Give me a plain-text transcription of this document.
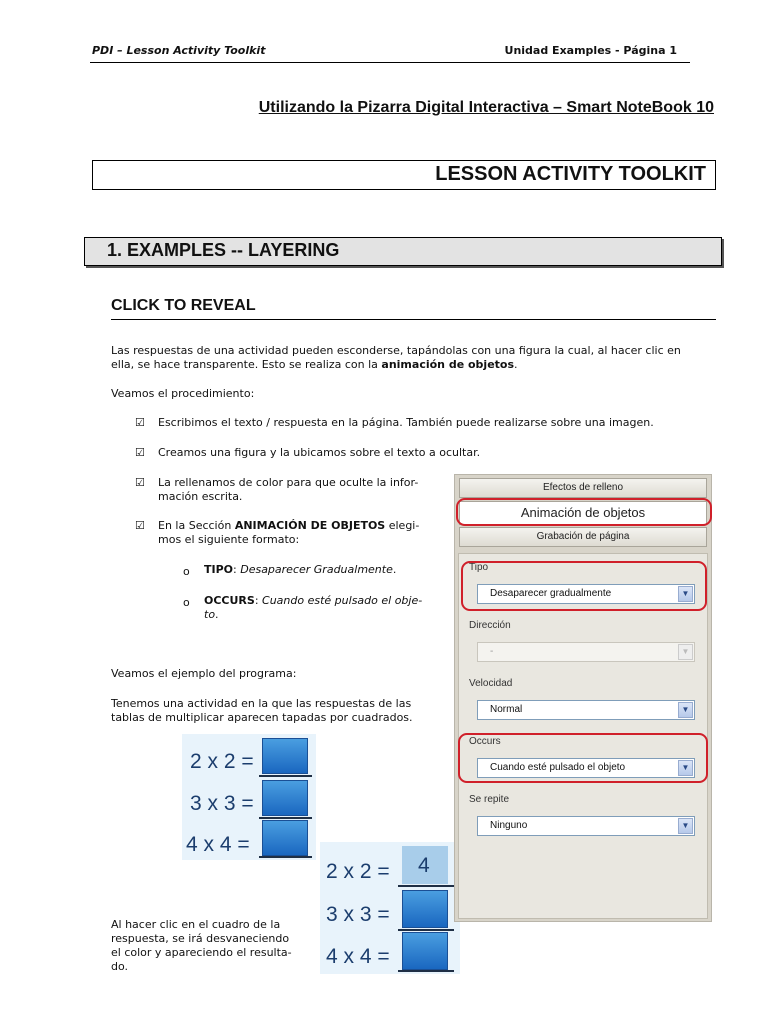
PDI – Lesson Activity Toolkit	Unidad Examples - Página 1
Utilizando la Pizarra Digital Interactiva – Smart NoteBook 10
LESSON ACTIVITY TOOLKIT
1. EXAMPLES -- LAYERING
CLICK TO REVEAL
Las respuestas de una actividad pueden esconderse, tapándolas con una figura la cual, al hacer clic en
ella, se hace transparente. Esto se realiza con la animación de objetos.
Veamos el procedimiento:
☑ Escribimos el texto / respuesta en la página. También puede realizarse sobre una imagen.
☑ Creamos una figura y la ubicamos sobre el texto a ocultar.
☑ La rellenamos de color para que oculte la infor-
mación escrita.
☑ En la Sección ANIMACIÓN DE OBJETOS elegi-
mos el siguiente formato:
o TIPO: Desaparecer Gradualmente.
o OCCURS: Cuando esté pulsado el obje-
to.
Veamos el ejemplo del programa:
Tenemos una actividad en la que las respuestas de las
tablas de multiplicar aparecen tapadas por cuadrados.
2 x 2 =
3 x 3 =
4 x 4 =
2 x 2 = 4
3 x 3 =
4 x 4 =
Al hacer clic en el cuadro de la
respuesta, se irá desvaneciendo
el color y apareciendo el resulta-
do.
Efectos de relleno
Animación de objetos
Grabación de página
Tipo
Desaparecer gradualmente	▼
Dirección
-	▼
Velocidad
Normal	▼
Occurs
Cuando esté pulsado el objeto	▼
Se repite
Ninguno	▼
